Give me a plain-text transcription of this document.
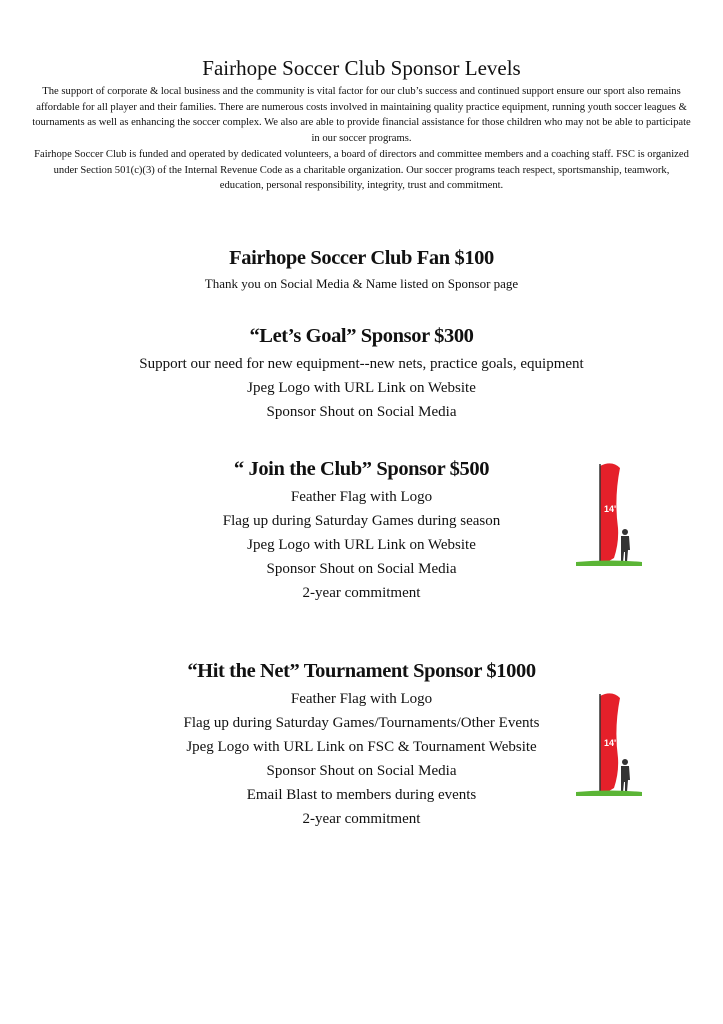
Fairhope Soccer Club Sponsor Levels

The support of corporate & local business and the community is vital factor for our club’s success and continued support ensure our sport also remains affordable for all player and their families. There are numerous costs involved in maintaining quality practice equipment, running youth soccer leagues & tournaments as well as enhancing the soccer complex. We also are able to provide financial assistance for those children who may not be able to participate in our soccer programs.

Fairhope Soccer Club is funded and operated by dedicated volunteers, a board of directors and committee members and a coaching staff. FSC is organized under Section 501(c)(3) of the Internal Revenue Code as a charitable organization. Our soccer programs teach respect, sportsmanship, teamwork, education, personal responsibility, integrity, trust and commitment.

Fairhope Soccer Club Fan $100
Thank you on Social Media & Name listed on Sponsor page
“Let’s Goal” Sponsor $300
Support our need for new equipment--new nets, practice goals, equipment
Jpeg Logo with URL Link on Website
Sponsor Shout on Social Media
“ Join the Club” Sponsor $500
Feather Flag with Logo
Flag up during Saturday Games during season
Jpeg Logo with URL Link on Website
Sponsor Shout on Social Media
2-year commitment
“Hit the Net” Tournament Sponsor $1000
Feather Flag with Logo
Flag up during Saturday Games/Tournaments/Other Events
Jpeg Logo with URL Link on FSC & Tournament Website
Sponsor Shout on Social Media
Email Blast to members during events
2-year commitment
14'
14'
